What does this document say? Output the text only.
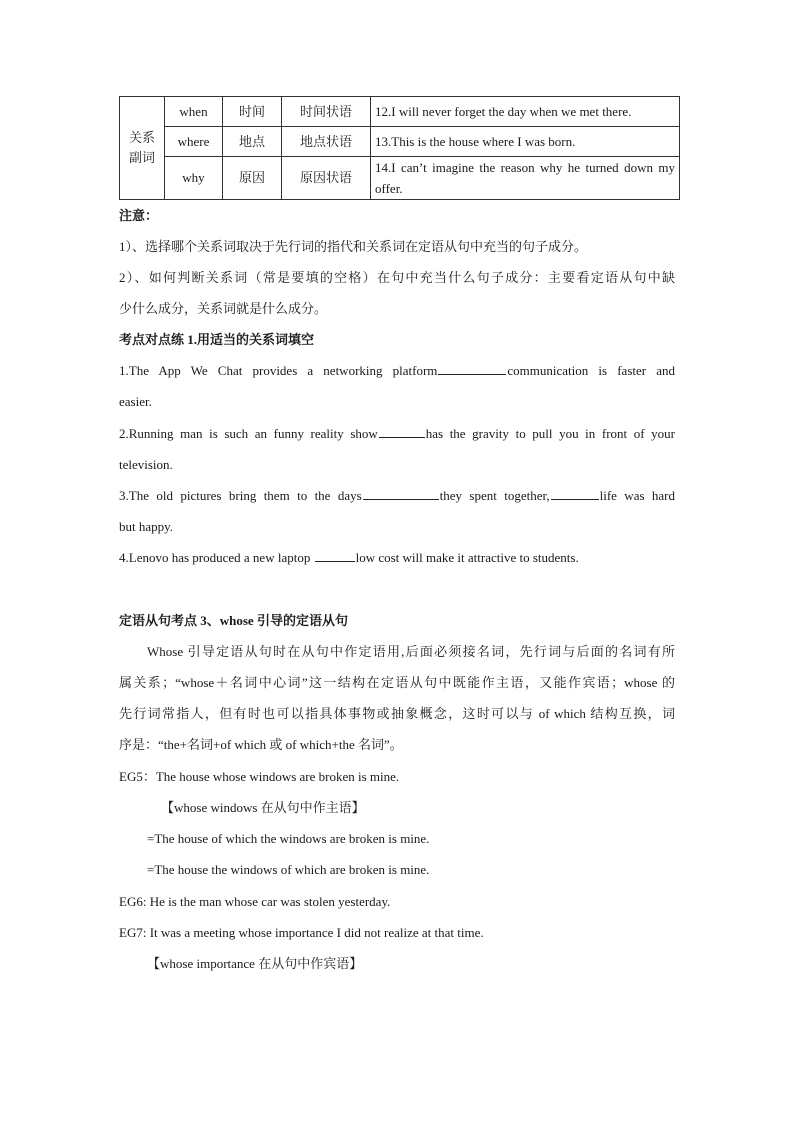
关系副词	when	时间	时间状语	12.I will never forget the day when we met there.
	where	地点	地点状语	13.This is the house where I was born.
	why	原因	原因状语	14.I can’t imagine the reason why he turned down my offer.
注意：
1）、选择哪个关系词取决于先行词的指代和关系词在定语从句中充当的句子成分。
2）、如何判断关系词（常是要填的空格）在句中充当什么句子成分：主要看定语从句中缺
少什么成分，关系词就是什么成分。
考点对点练 1.用适当的关系词填空
1.The App We Chat provides a networking platform	communication is faster and
easier.
2.Running man is such an funny reality show	has the gravity to pull you in front of your
television.
3.The old pictures bring them to the days	they spent together,	life was hard
but happy.
4.Lenovo has produced a new laptop	low cost will make it attractive to students.
定语从句考点 3、whose 引导的定语从句
Whose 引导定语从句时在从句中作定语用,后面必须接名词，先行词与后面的名词有所
属关系；“whose＋名词中心词”这一结构在定语从句中既能作主语，又能作宾语；whose 的
先行词常指人，但有时也可以指具体事物或抽象概念，这时可以与 of which 结构互换，词
序是：“the+名词+of which 或 of which+the 名词”。
EG5：The house whose windows are broken is mine.
【whose windows 在从句中作主语】
=The house of which the windows are broken is mine.
=The house the windows of which are broken is mine.
EG6: He is the man whose car was stolen yesterday.
EG7: It was a meeting whose importance I did not realize at that time.
【whose importance 在从句中作宾语】
